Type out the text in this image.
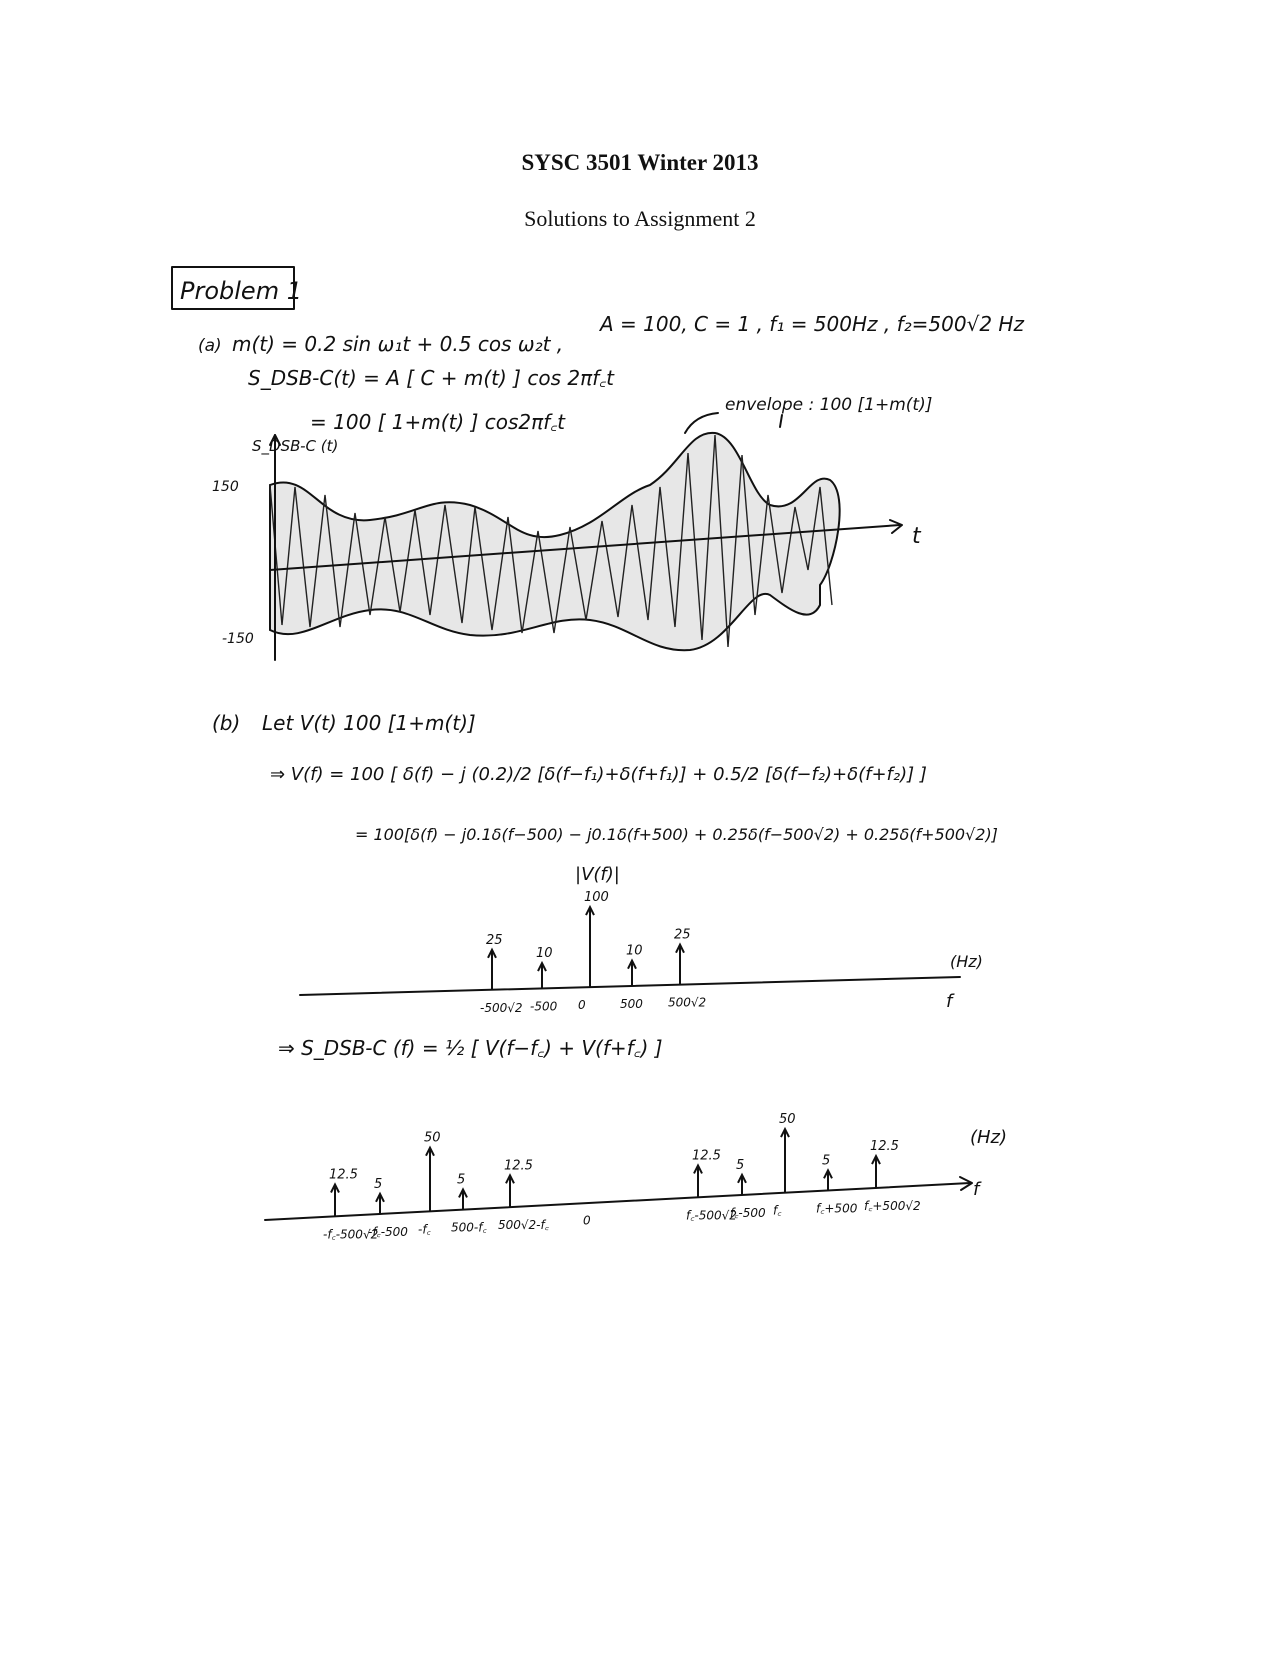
SYSC 3501 Winter 2013
Solutions to Assignment 2
Problem 1
(a) m(t) = 0.2 sin ω₁t + 0.5 cos ω₂t ,
A = 100, C = 1 , f₁ = 500Hz , f₂=500√2 Hz
S_DSB-C(t) = A [ C + m(t) ] cos 2πf꜀t
= 100 [ 1+m(t) ] cos2πf꜀t
envelope : 100 [1+m(t)]
S_DSB-C (t)
150
-150
t
(b) Let V(t) 100 [1+m(t)]
⇒ V(f) = 100 [ δ(f) − j (0.2)/2 [δ(f−f₁)+δ(f+f₁)] + 0.5/2 [δ(f−f₂)+δ(f+f₂)] ]
= 100[δ(f) − j0.1δ(f−500) − j0.1δ(f+500) + 0.25δ(f−500√2) + 0.25δ(f+500√2)]
|V(f)|
(Hz)
f
25
-500√2
10
-500
100
0
10
500
25
500√2
⇒ S_DSB-C (f) = ½ [ V(f−f꜀) + V(f+f꜀) ]
(Hz)
f
12.5
-f꜀-500√2
5
-f꜀-500
50
-f꜀
5
500-f꜀
12.5
500√2-f꜀	0
12.5
f꜀-500√2
5
f꜀-500
50
f꜀
5
f꜀+500
12.5
f꜀+500√2
